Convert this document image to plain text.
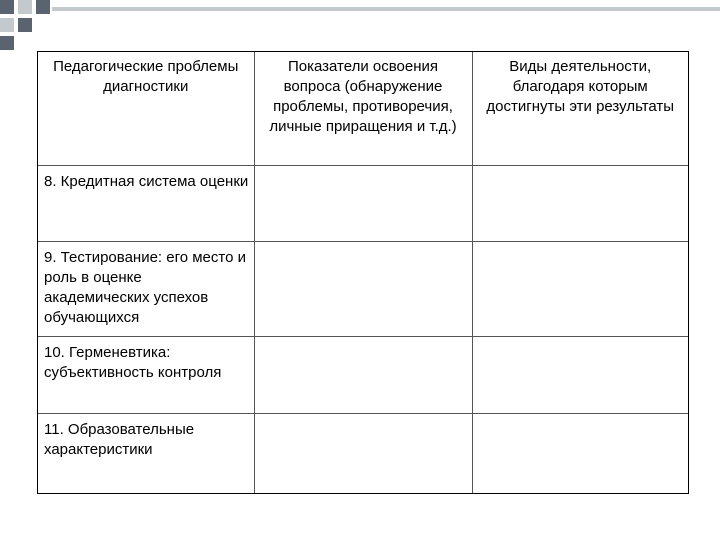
Педагогические проблемы диагностики	Показатели освоения вопроса (обнаружение проблемы, противоречия, личные приращения и т.д.)	Виды деятельности, благодаря которым достигнуты эти результаты

8. Кредитная система оценки		

9. Тестирование: его место и роль в оценке академических успехов обучающихся		

10. Герменевтика: субъективность контроля		

11. Образовательные характеристики		
